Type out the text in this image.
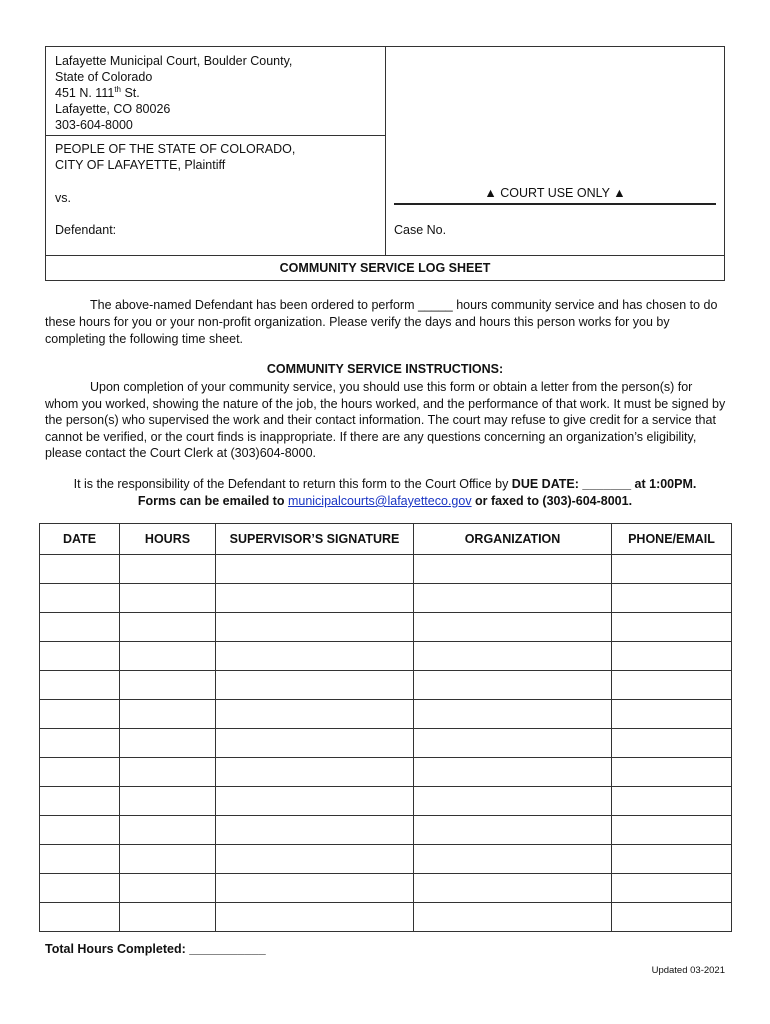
Lafayette Municipal Court, Boulder County,
State of Colorado
451 N. 111th St.
Lafayette, CO 80026
303-604-8000
PEOPLE OF THE STATE OF COLORADO,
CITY OF LAFAYETTE, Plaintiff
vs.
Defendant:
▲ COURT USE ONLY ▲
Case No.
COMMUNITY SERVICE LOG SHEET
The above-named Defendant has been ordered to perform _____ hours community service and has chosen to do these hours for you or your non-profit organization. Please verify the days and hours this person works for you by completing the following time sheet.
COMMUNITY SERVICE INSTRUCTIONS:
Upon completion of your community service, you should use this form or obtain a letter from the person(s) for whom you worked, showing the nature of the job, the hours worked, and the performance of that work. It must be signed by the person(s) who supervised the work and their contact information. The court may refuse to give credit for a service that cannot be verified, or the court finds is inappropriate. If there are any questions concerning an organization’s eligibility, please contact the Court Clerk at (303)604-8000.
It is the responsibility of the Defendant to return this form to the Court Office by DUE DATE: _______ at 1:00PM.
Forms can be emailed to municipalcourts@lafayetteco.gov or faxed to (303)-604-8001.
DATE	HOURS	SUPERVISOR’S SIGNATURE	ORGANIZATION	PHONE/EMAIL

Total Hours Completed: ___________
Updated 03-2021
